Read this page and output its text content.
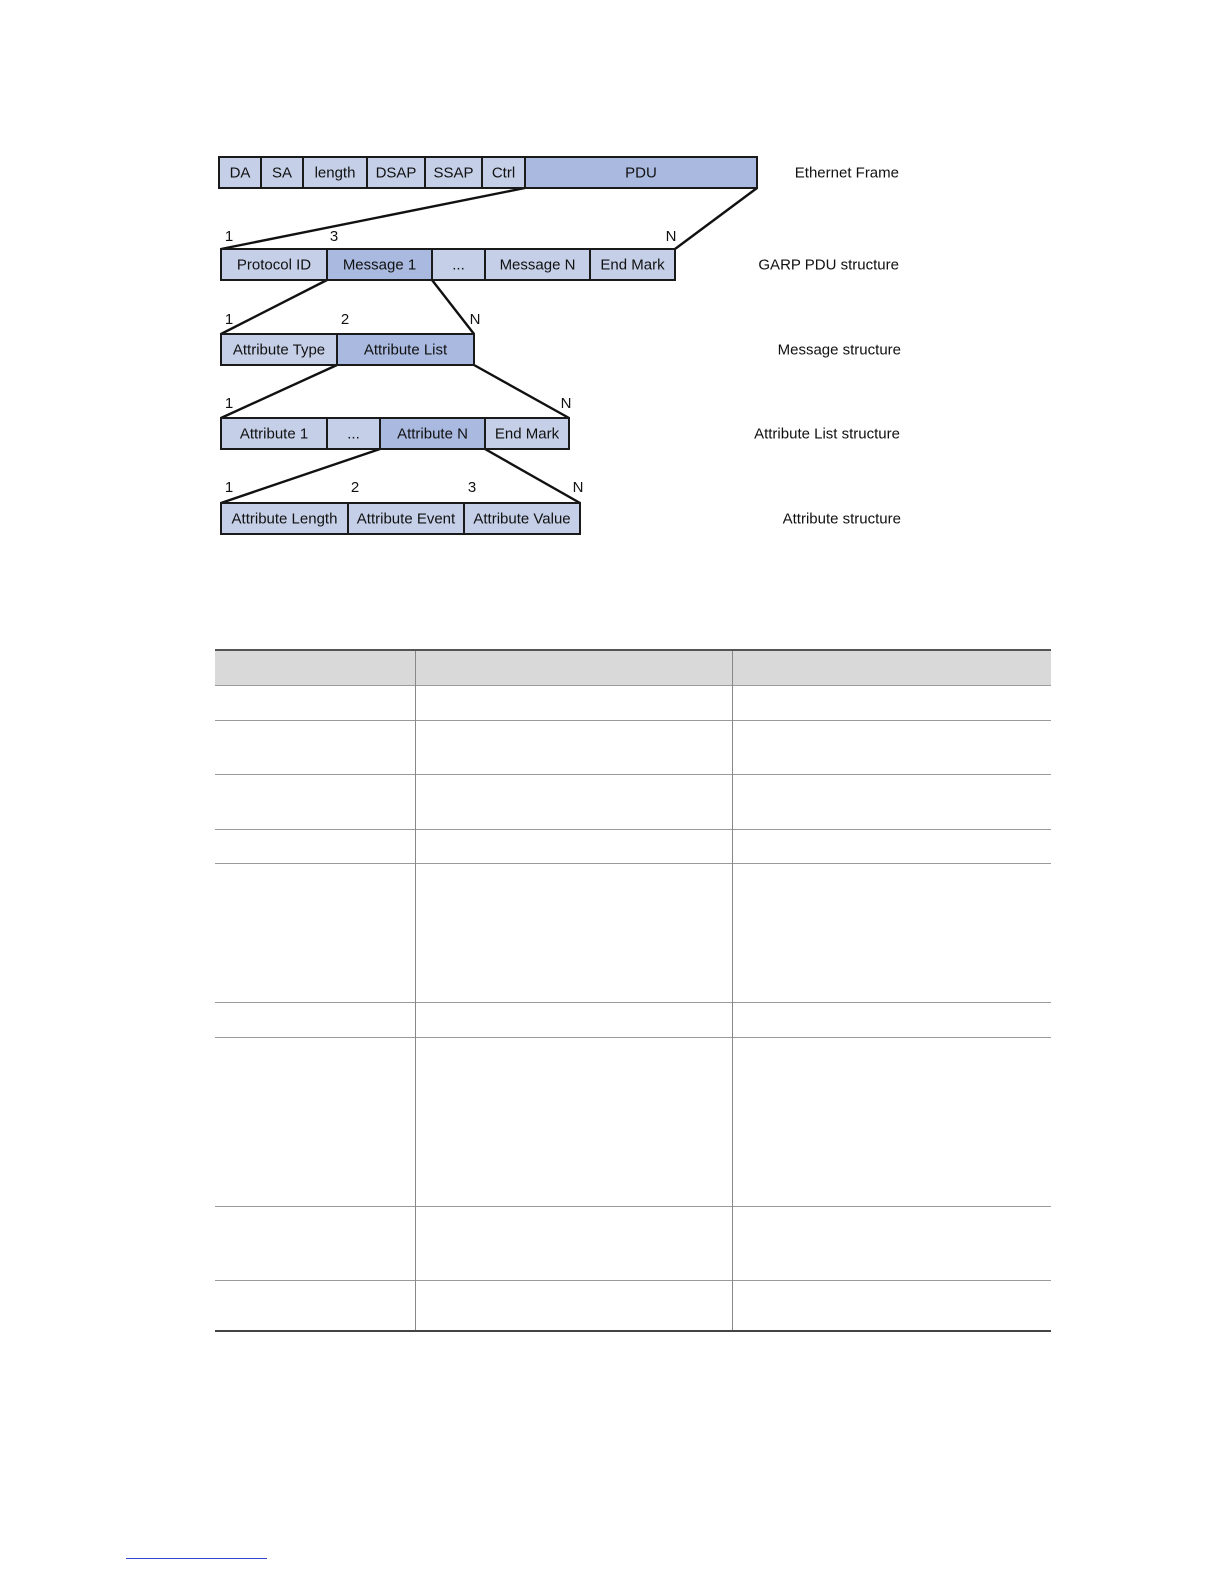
DA SA length DSAP SSAP Ctrl	PDU	Ethernet Frame
Protocol ID Message 1 ... Message N End Mark	GARP PDU structure
1	3	N
Attribute Type	Attribute List	Message structure
1	2	N
Attribute 1	... Attribute N End Mark	Attribute List structure
1	N
Attribute Length Attribute Event Attribute Value	Attribute structure
1	2	3	N
